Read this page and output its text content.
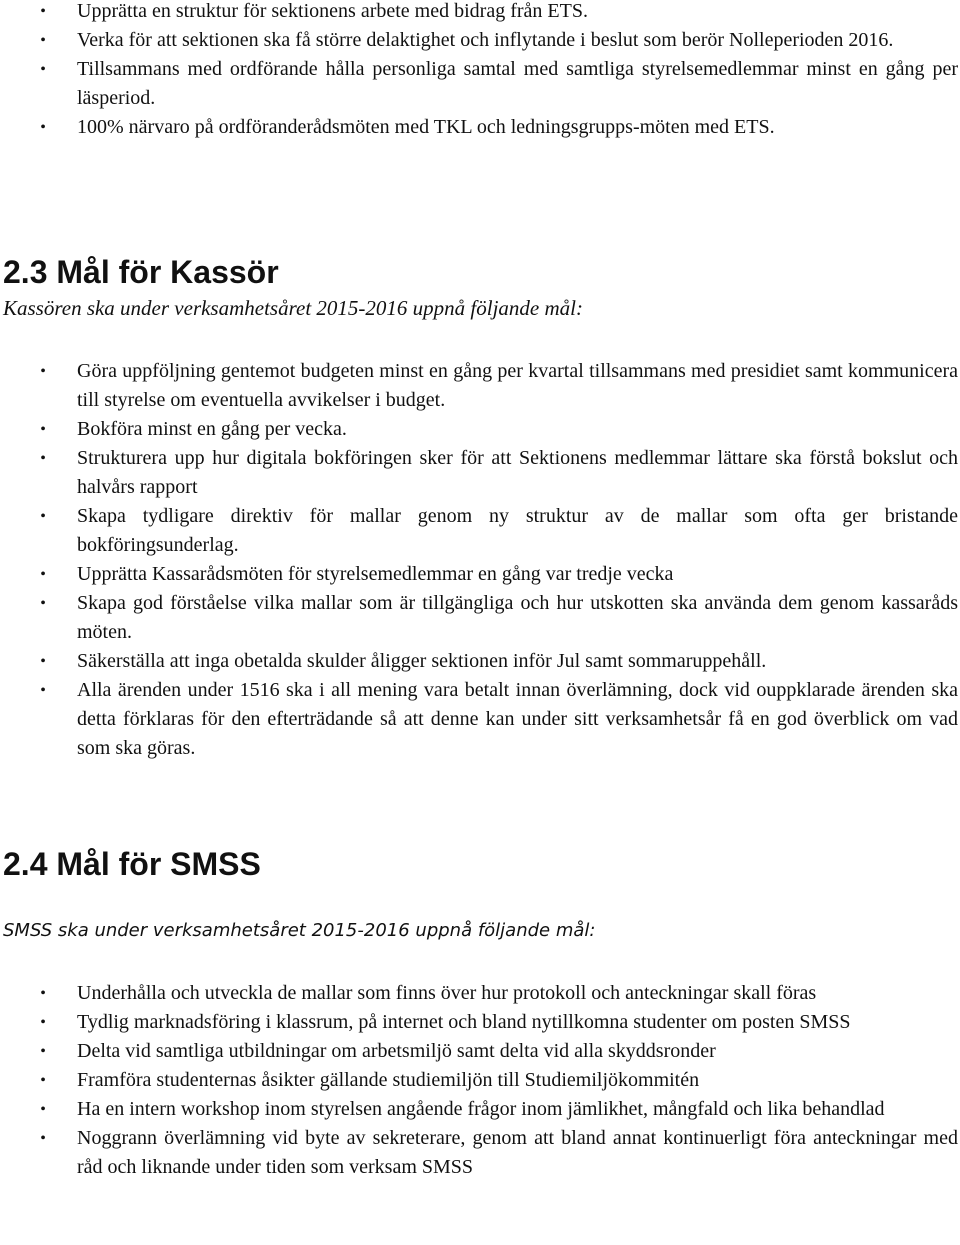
• Upprätta en struktur för sektionens arbete med bidrag från ETS.
• Verka för att sektionen ska få större delaktighet och inflytande i beslut som berör Nolleperioden 2016.
• Tillsammans med ordförande hålla personliga samtal med samtliga styrelsemedlemmar minst en gång per läsperiod.
• 100% närvaro på ordföranderådsmöten med TKL och ledningsgrupps-möten med ETS.
2.3 Mål för Kassör

Kassören ska under verksamhetsåret 2015-2016 uppnå följande mål:

• Göra uppföljning gentemot budgeten minst en gång per kvartal tillsammans med presidiet samt kommunicera till styrelse om eventuella avvikelser i budget.
• Bokföra minst en gång per vecka.
• Strukturera upp hur digitala bokföringen sker för att Sektionens medlemmar lättare ska förstå bokslut och halvårs rapport
• Skapa tydligare direktiv för mallar genom ny struktur av de mallar som ofta ger bristande bokföringsunderlag.
• Upprätta Kassarådsmöten för styrelsemedlemmar en gång var tredje vecka
• Skapa god förståelse vilka mallar som är tillgängliga och hur utskotten ska använda dem genom kassaråds möten.
• Säkerställa att inga obetalda skulder åligger sektionen inför Jul samt sommaruppehåll.
• Alla ärenden under 1516 ska i all mening vara betalt innan överlämning, dock vid ouppklarade ärenden ska detta förklaras för den efterträdande så att denne kan under sitt verksamhetsår få en god överblick om vad som ska göras.
2.4 Mål för SMSS

SMSS ska under verksamhetsåret 2015-2016 uppnå följande mål:

• Underhålla och utveckla de mallar som finns över hur protokoll och anteckningar skall föras
• Tydlig marknadsföring i klassrum, på internet och bland nytillkomna studenter om posten SMSS
• Delta vid samtliga utbildningar om arbetsmiljö samt delta vid alla skyddsronder
• Framföra studenternas åsikter gällande studiemiljön till Studiemiljökommitén
• Ha en intern workshop inom styrelsen angående frågor inom jämlikhet, mångfald och lika behandlad
• Noggrann överlämning vid byte av sekreterare, genom att bland annat kontinuerligt föra anteckningar med råd och liknande under tiden som verksam SMSS
